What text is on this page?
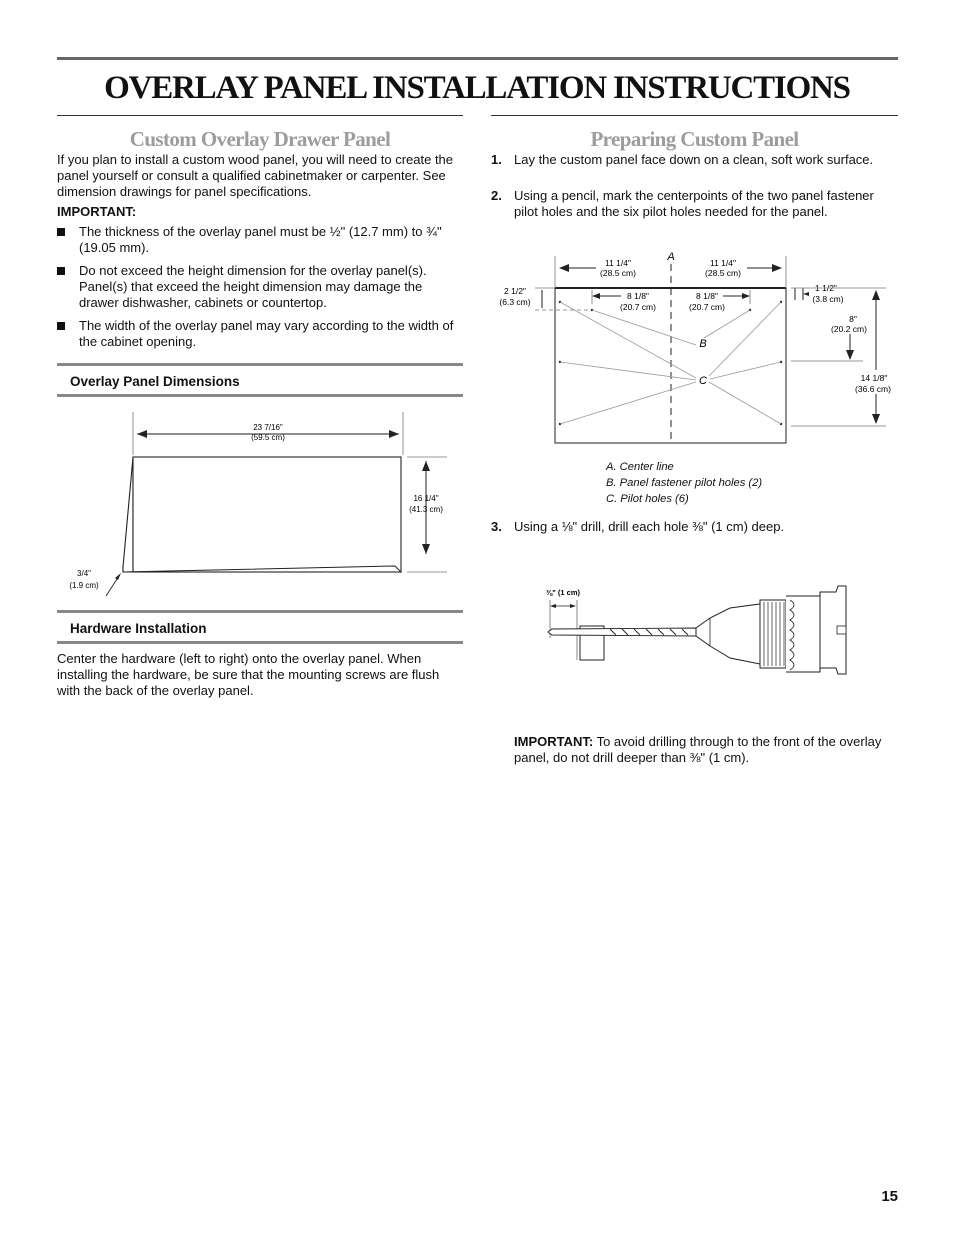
OVERLAY PANEL INSTALLATION INSTRUCTIONS
Custom Overlay Drawer Panel
If you plan to install a custom wood panel, you will need to create the panel yourself or consult a qualified cabinetmaker or carpenter. See dimension drawings for panel specifications.
IMPORTANT:
The thickness of the overlay panel must be ½" (12.7 mm) to ¾" (19.05 mm).
Do not exceed the height dimension for the overlay panel(s). Panel(s) that exceed the height dimension may damage the drawer dishwasher, cabinets or countertop.
The width of the overlay panel may vary according to the width of the cabinet opening.
Overlay Panel Dimensions
23 7/16"
(59.5 cm)
16 1/4"
(41.3 cm)
3/4"
(1.9 cm)
Hardware Installation
Center the hardware (left to right) onto the overlay panel. When installing the hardware, be sure that the mounting screws are flush with the back of the overlay panel.
Preparing Custom Panel
1. Lay the custom panel face down on a clean, soft work surface.
2. Using a pencil, mark the centerpoints of the two panel fastener pilot holes and the six pilot holes needed for the panel.
A
11 1/4"
(28.5 cm)
11 1/4"
(28.5 cm)
2 1/2"
(6.3 cm)
8 1/8"
(20.7 cm)
8 1/8"
(20.7 cm)
1 1/2"
(3.8 cm)
8"
(20.2 cm)
14 1/8"
(36.6 cm)
B
C
A. Center line
B. Panel fastener pilot holes (2)
C. Pilot holes (6)
3. Using a ⅛" drill, drill each hole ⅜" (1 cm) deep.
⅜" (1 cm)
IMPORTANT: To avoid drilling through to the front of the overlay panel, do not drill deeper than ⅜" (1 cm).
15
